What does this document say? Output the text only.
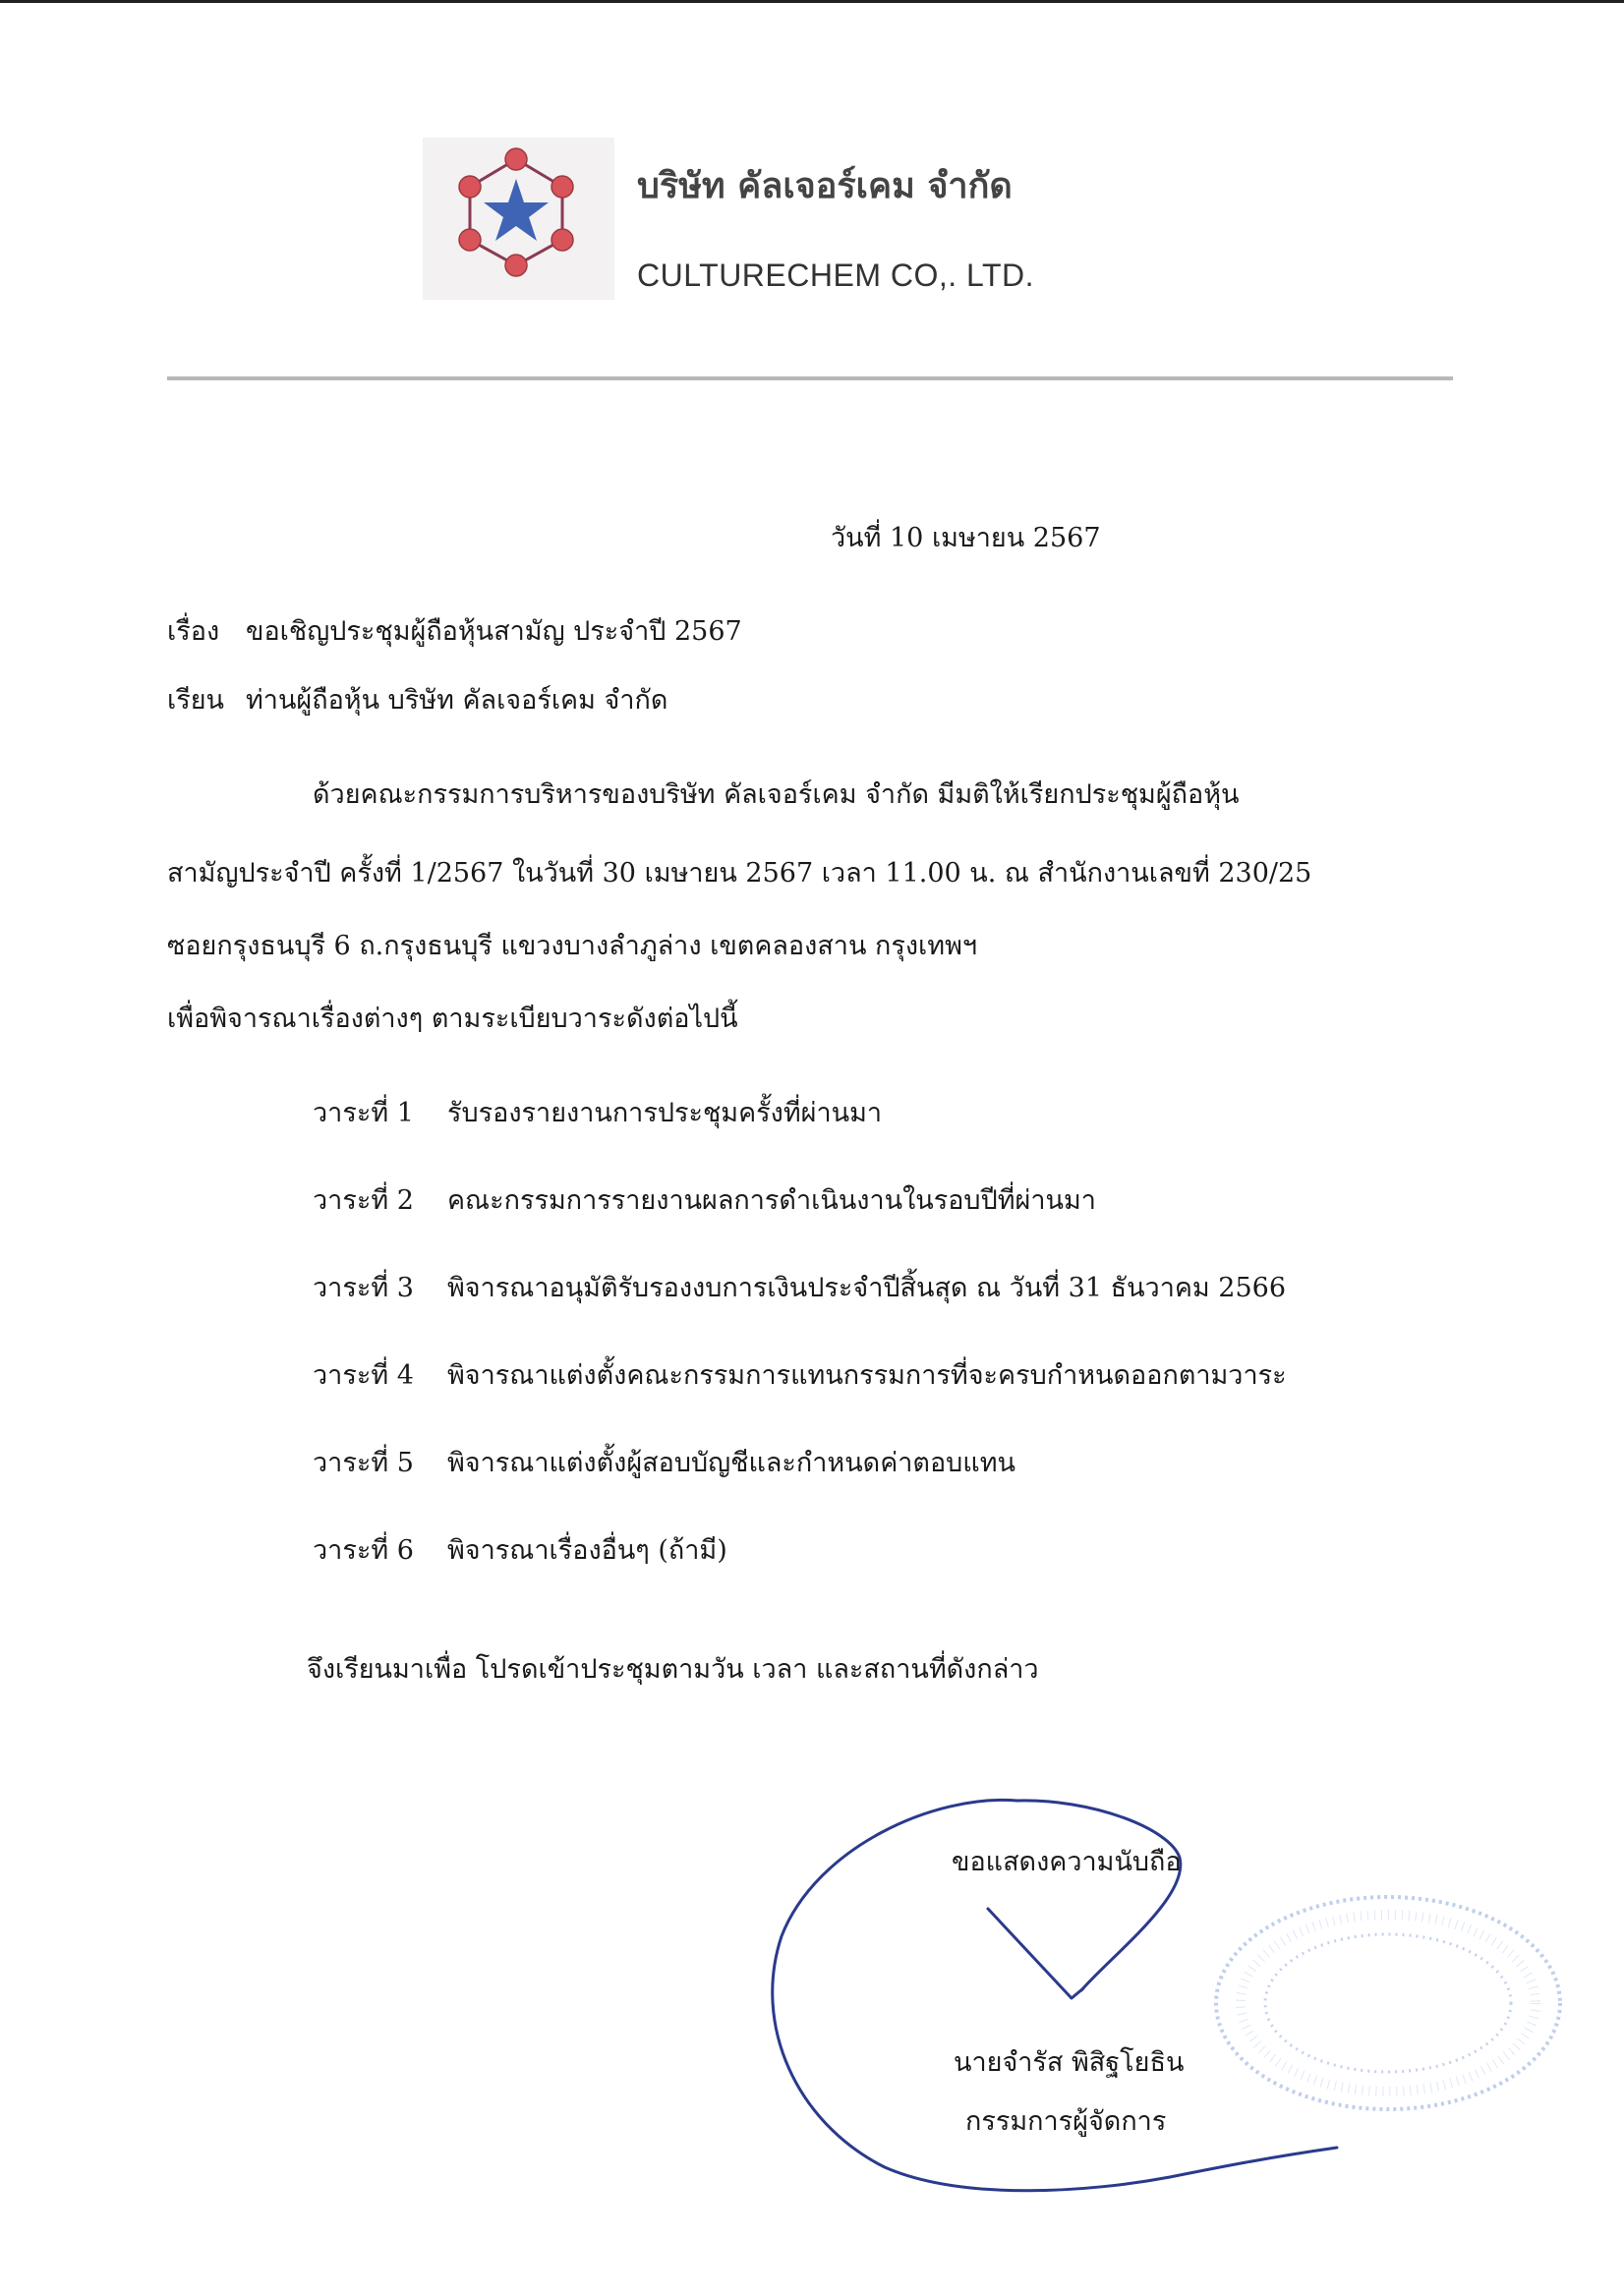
บริษัท คัลเจอร์เคม จำกัด
CULTURECHEM CO,. LTD.
วันที่ 10 เมษายน 2567
เรื่อง ขอเชิญประชุมผู้ถือหุ้นสามัญ ประจำปี 2567
เรียน ท่านผู้ถือหุ้น บริษัท คัลเจอร์เคม จำกัด
ด้วยคณะกรรมการบริหารของบริษัท คัลเจอร์เคม จำกัด มีมติให้เรียกประชุมผู้ถือหุ้น
สามัญประจำปี ครั้งที่ 1/2567 ในวันที่ 30 เมษายน 2567 เวลา 11.00 น. ณ สำนักงานเลขที่ 230/25
ซอยกรุงธนบุรี 6 ถ.กรุงธนบุรี แขวงบางลำภูล่าง เขตคลองสาน กรุงเทพฯ
เพื่อพิจารณาเรื่องต่างๆ ตามระเบียบวาระดังต่อไปนี้
วาระที่ 1 รับรองรายงานการประชุมครั้งที่ผ่านมา
วาระที่ 2 คณะกรรมการรายงานผลการดำเนินงานในรอบปีที่ผ่านมา
วาระที่ 3 พิจารณาอนุมัติรับรองงบการเงินประจำปีสิ้นสุด ณ วันที่ 31 ธันวาคม 2566
วาระที่ 4 พิจารณาแต่งตั้งคณะกรรมการแทนกรรมการที่จะครบกำหนดออกตามวาระ
วาระที่ 5 พิจารณาแต่งตั้งผู้สอบบัญชีและกำหนดค่าตอบแทน
วาระที่ 6 พิจารณาเรื่องอื่นๆ (ถ้ามี)
จึงเรียนมาเพื่อ โปรดเข้าประชุมตามวัน เวลา และสถานที่ดังกล่าว
ขอแสดงความนับถือ
นายจำรัส พิสิฐโยธิน
กรรมการผู้จัดการ
